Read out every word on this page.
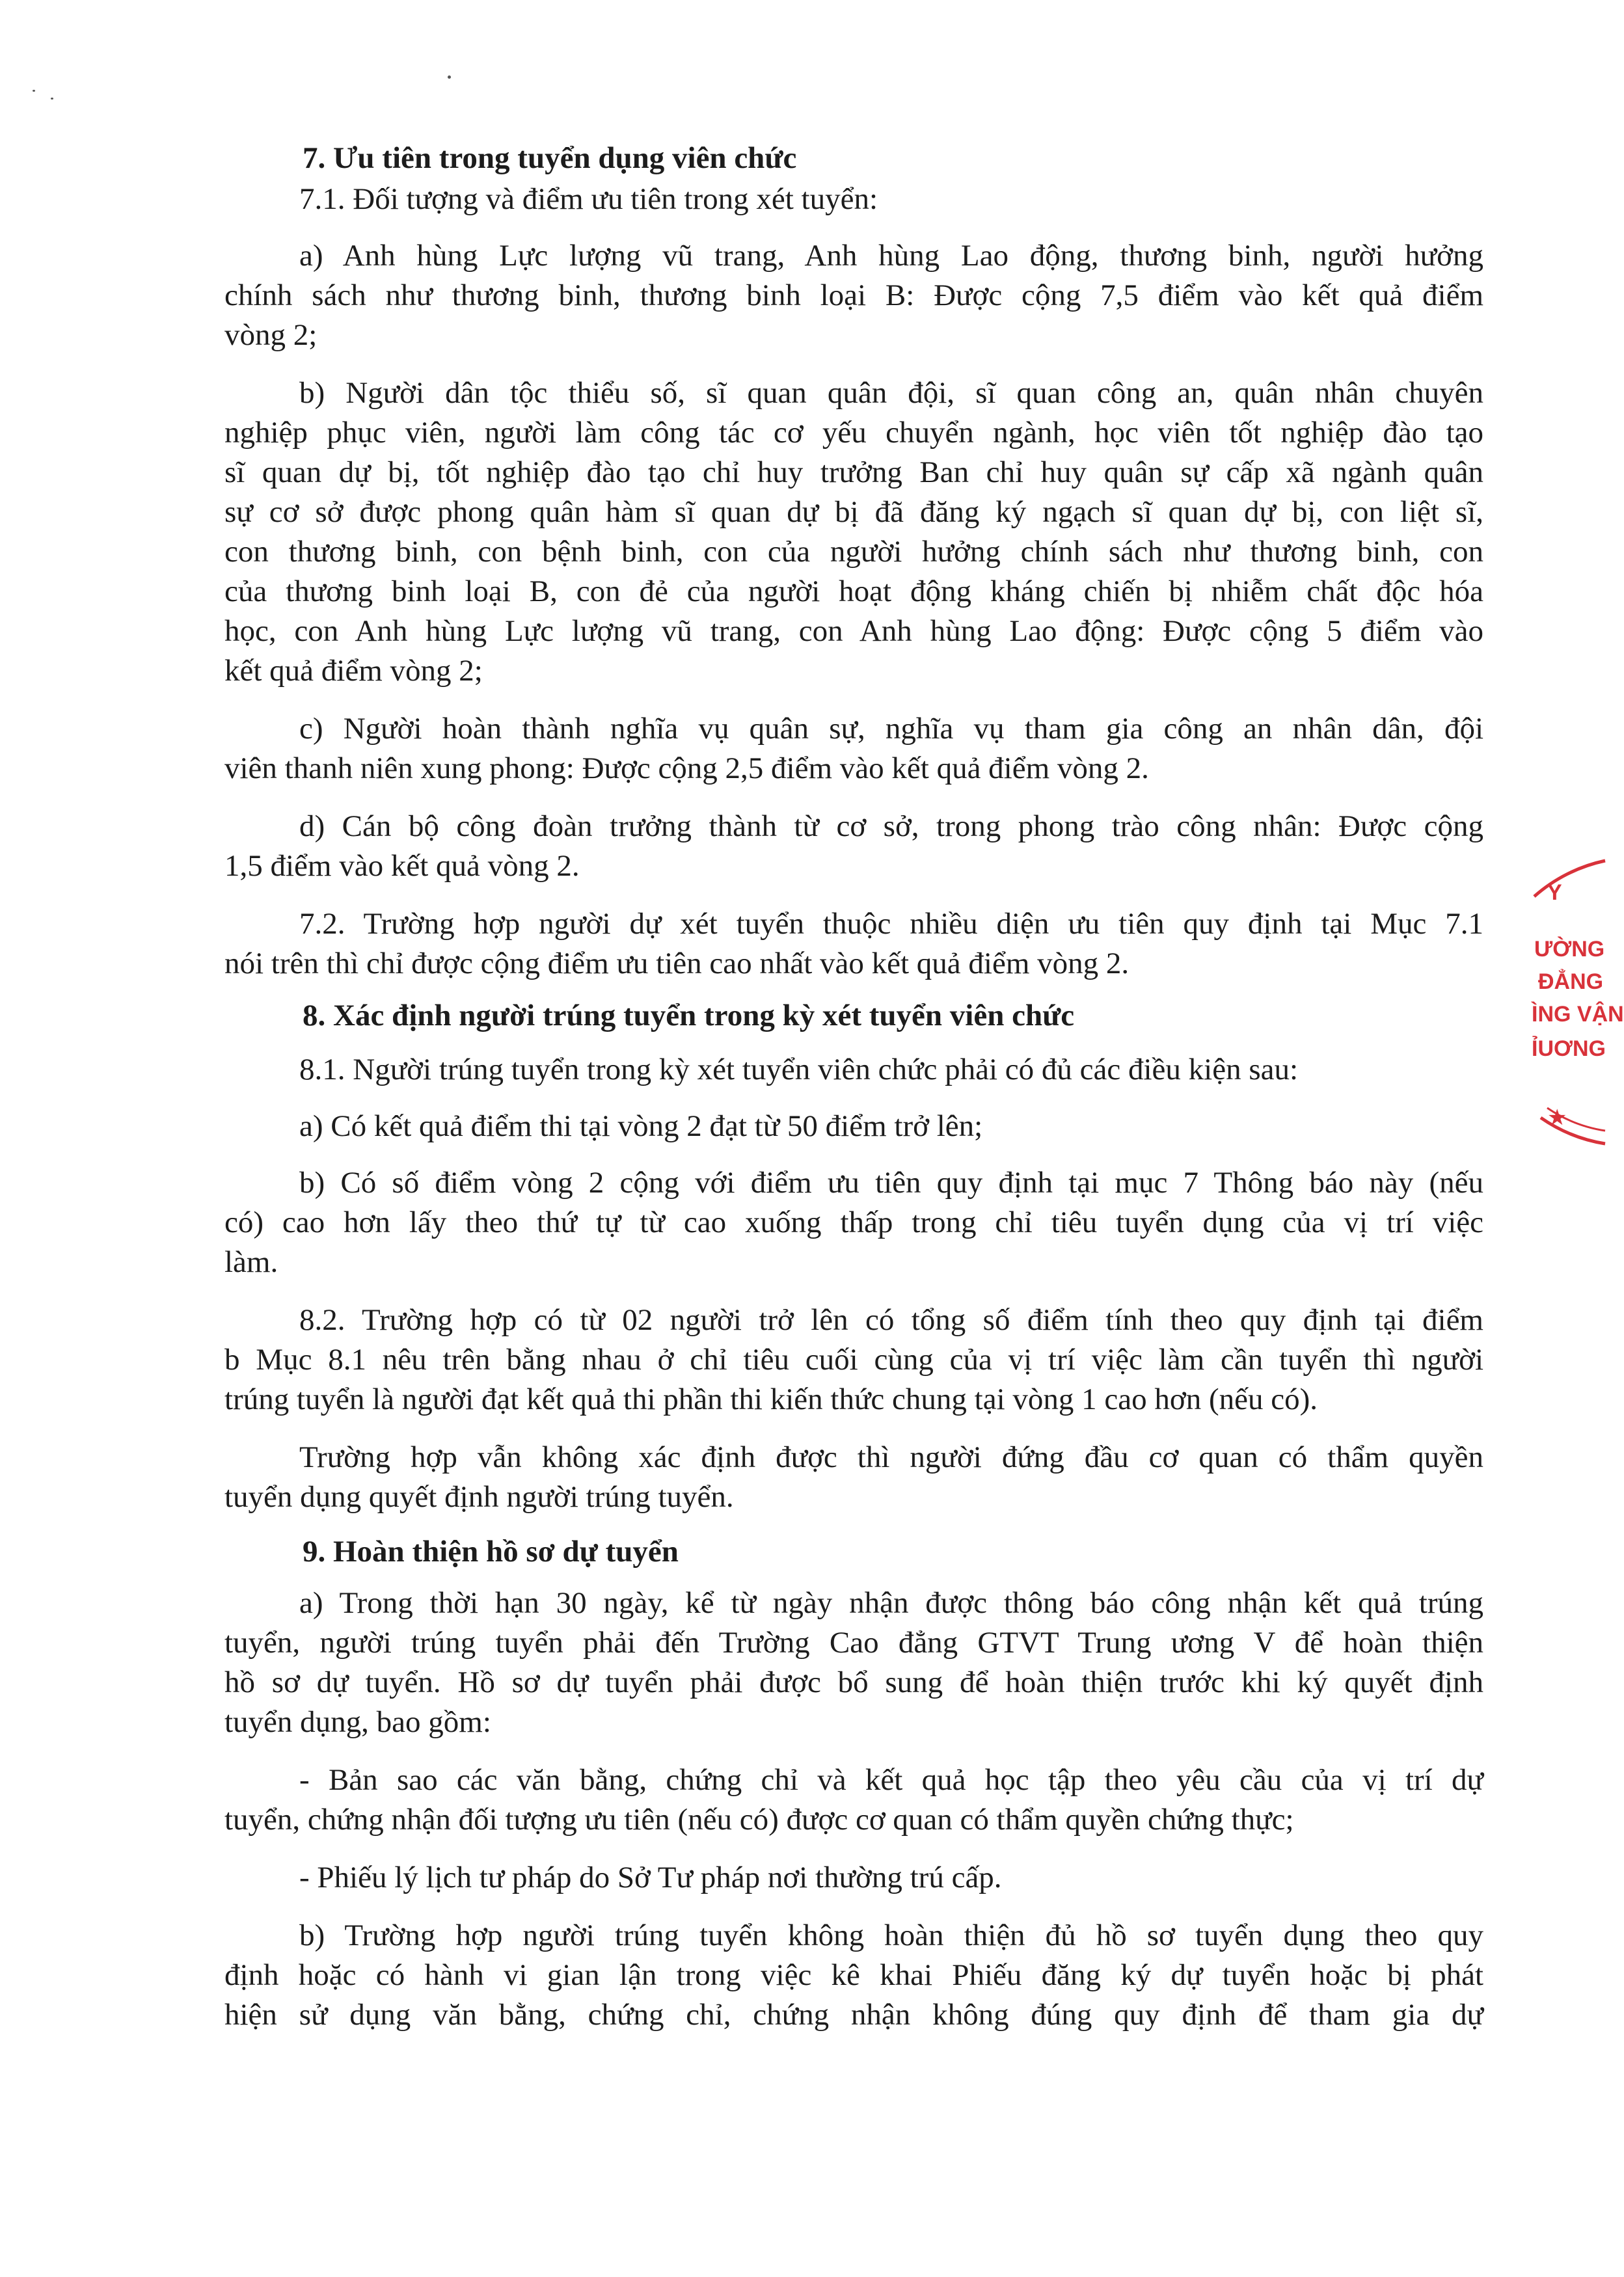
7. Ưu tiên trong tuyển dụng viên chức

7.1. Đối tượng và điểm ưu tiên trong xét tuyển:

a) Anh hùng Lực lượng vũ trang, Anh hùng Lao động, thương binh, người hưởng
chính sách như thương binh, thương binh loại B: Được cộng 7,5 điểm vào kết quả điểm
vòng 2;
b) Người dân tộc thiểu số, sĩ quan quân đội, sĩ quan công an, quân nhân chuyên
nghiệp phục viên, người làm công tác cơ yếu chuyển ngành, học viên tốt nghiệp đào tạo
sĩ quan dự bị, tốt nghiệp đào tạo chỉ huy trưởng Ban chỉ huy quân sự cấp xã ngành quân
sự cơ sở được phong quân hàm sĩ quan dự bị đã đăng ký ngạch sĩ quan dự bị, con liệt sĩ,
con thương binh, con bệnh binh, con của người hưởng chính sách như thương binh, con
của thương binh loại B, con đẻ của người hoạt động kháng chiến bị nhiễm chất độc hóa
học, con Anh hùng Lực lượng vũ trang, con Anh hùng Lao động: Được cộng 5 điểm vào
kết quả điểm vòng 2;
c) Người hoàn thành nghĩa vụ quân sự, nghĩa vụ tham gia công an nhân dân, đội
viên thanh niên xung phong: Được cộng 2,5 điểm vào kết quả điểm vòng 2.
d) Cán bộ công đoàn trưởng thành từ cơ sở, trong phong trào công nhân: Được cộng
1,5 điểm vào kết quả vòng 2.
7.2. Trường hợp người dự xét tuyển thuộc nhiều diện ưu tiên quy định tại Mục 7.1
nói trên thì chỉ được cộng điểm ưu tiên cao nhất vào kết quả điểm vòng 2.

8. Xác định người trúng tuyển trong kỳ xét tuyển viên chức

8.1. Người trúng tuyển trong kỳ xét tuyển viên chức phải có đủ các điều kiện sau:

a) Có kết quả điểm thi tại vòng 2 đạt từ 50 điểm trở lên;

b) Có số điểm vòng 2 cộng với điểm ưu tiên quy định tại mục 7 Thông báo này (nếu
có) cao hơn lấy theo thứ tự từ cao xuống thấp trong chỉ tiêu tuyển dụng của vị trí việc
làm.
8.2. Trường hợp có từ 02 người trở lên có tổng số điểm tính theo quy định tại điểm
b Mục 8.1 nêu trên bằng nhau ở chỉ tiêu cuối cùng của vị trí việc làm cần tuyển thì người
trúng tuyển là người đạt kết quả thi phần thi kiến thức chung tại vòng 1 cao hơn (nếu có).
Trường hợp vẫn không xác định được thì người đứng đầu cơ quan có thẩm quyền
tuyển dụng quyết định người trúng tuyển.

9. Hoàn thiện hồ sơ dự tuyển

a) Trong thời hạn 30 ngày, kể từ ngày nhận được thông báo công nhận kết quả trúng
tuyển, người trúng tuyển phải đến Trường Cao đẳng GTVT Trung ương V để hoàn thiện
hồ sơ dự tuyển. Hồ sơ dự tuyển phải được bổ sung để hoàn thiện trước khi ký quyết định
tuyển dụng, bao gồm:
- Bản sao các văn bằng, chứng chỉ và kết quả học tập theo yêu cầu của vị trí dự
tuyển, chứng nhận đối tượng ưu tiên (nếu có) được cơ quan có thẩm quyền chứng thực;

- Phiếu lý lịch tư pháp do Sở Tư pháp nơi thường trú cấp.

b) Trường hợp người trúng tuyển không hoàn thiện đủ hồ sơ tuyển dụng theo quy
định hoặc có hành vi gian lận trong việc kê khai Phiếu đăng ký dự tuyển hoặc bị phát
hiện sử dụng văn bằng, chứng chỉ, chứng nhận không đúng quy định để tham gia dự
Y
ƯỜNG
ĐẲNG
ÌNG VẬN
ỈUƠNG
★
